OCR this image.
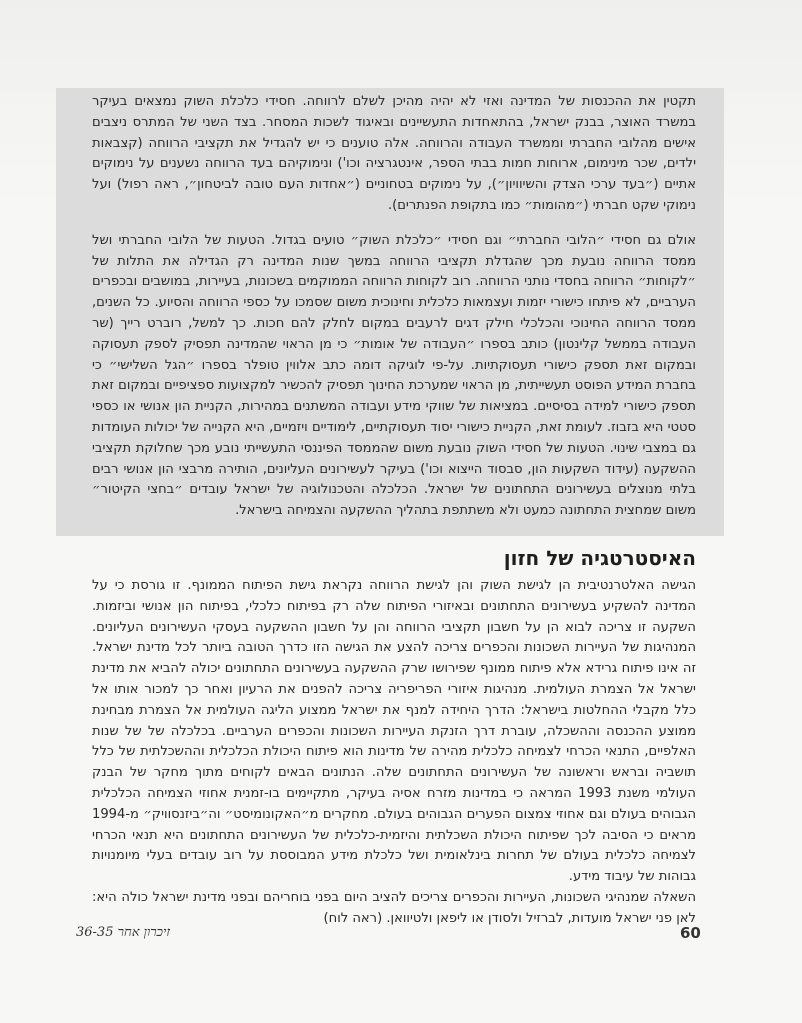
תקטין את ההכנסות של המדינה ואזי לא יהיה מהיכן לשלם לרווחה. חסידי כלכלת השוק נמצאים בעיקר במשרד האוצר, בבנק ישראל, בהתאחדות התעשיינים ובאיגוד לשכות המסחר. בצד השני של המתרס ניצבים אישים מהלובי החברתי וממשרד העבודה והרווחה. אלה טוענים כי יש להגדיל את תקציבי הרווחה (קצבאות ילדים, שכר מינימום, ארוחות חמות בבתי הספר, אינטגרציה וכו') ונימוקיהם בעד הרווחה נשענים על נימוקים אתיים (״בעד ערכי הצדק והשיוויון״), על נימוקים בטחוניים (״אחדות העם טובה לביטחון״, ראה רפול) ועל נימוקי שקט חברתי (״מהומות״ כמו בתקופת הפנתרים).

אולם גם חסידי ״הלובי החברתי״ וגם חסידי ״כלכלת השוק״ טועים בגדול. הטעות של הלובי החברתי ושל ממסד הרווחה נובעת מכך שהגדלת תקציבי הרווחה במשך שנות המדינה רק הגדילה את התלות של ״לקוחות״ הרווחה בחסדי נותני הרווחה. רוב לקוחות הרווחה הממוקמים בשכונות, בעיירות, במושבים ובכפרים הערביים, לא פיתחו כישורי יזמות ועצמאות כלכלית וחינוכית משום שסמכו על כספי הרווחה והסיוע. כל השנים, ממסד הרווחה החינוכי והכלכלי חילק דגים לרעבים במקום לחלק להם חכות. כך למשל, רוברט רייך (שר העבודה בממשל קלינטון) כותב בספרו ״העבודה של אומות״ כי מן הראוי שהמדינה תפסיק לספק תעסוקה ובמקום זאת תספק כישורי תעסוקתיות. על-פי לוגיקה דומה כתב אלווין טופלר בספרו ״הגל השלישי״ כי בחברת המידע הפוסט תעשייתית, מן הראוי שמערכת החינוך תפסיק להכשיר למקצועות ספציפיים ובמקום זאת תספק כישורי למידה בסיסיים. במציאות של שווקי מידע ועבודה המשתנים במהירות, הקניית הון אנושי או כספי סטטי היא בזבוז. לעומת זאת, הקניית כישורי יסוד תעסוקתיים, לימודיים ויזמיים, היא הקנייה של יכולות העומדות גם במצבי שינוי. הטעות של חסידי השוק נובעת משום שהממסד הפיננסי התעשייתי נובע מכך שחלוקת תקציבי ההשקעה (עידוד השקעות הון, סבסוד הייצוא וכו') בעיקר לעשירונים העליונים, הותירה מרבצי הון אנושי רבים בלתי מנוצלים בעשירונים התחתונים של ישראל. הכלכלה והטכנולוגיה של ישראל עובדים ״בחצי הקיטור״ משום שמחצית התחתונה כמעט ולא משתתפת בתהליך ההשקעה והצמיחה בישראל.

האיסטרטגיה של חזון

הגישה האלטרנטיבית הן לגישת השוק והן לגישת הרווחה נקראת גישת הפיתוח הממונף. זו גורסת כי על המדינה להשקיע בעשירונים התחתונים ובאיזורי הפיתוח שלה רק בפיתוח כלכלי, בפיתוח הון אנושי וביזמות. השקעה זו צריכה לבוא הן על חשבון תקציבי הרווחה והן על חשבון ההשקעה בעסקי העשירונים העליונים. המנהיגות של העיירות השכונות והכפרים צריכה להצע את הגישה הזו כדרך הטובה ביותר לכל מדינת ישראל. זה אינו פיתוח גרידא אלא פיתוח ממונף שפירושו שרק ההשקעה בעשירונים התחתונים יכולה להביא את מדינת ישראל אל הצמרת העולמית. מנהיגות איזורי הפריפריה צריכה להפנים את הרעיון ואחר כך למכור אותו אל כלל מקבלי ההחלטות בישראל: הדרך היחידה למנף את ישראל ממצוע הליגה העולמית אל הצמרת מבחינת ממוצע ההכנסה וההשכלה, עוברת דרך הזנקת העיירות השכונות והכפרים הערביים. בכלכלה של של שנות האלפיים, התנאי הכרחי לצמיחה כלכלית מהירה של מדינות הוא פיתוח היכולת הכלכלית וההשכלתית של כלל תושביה ובראש וראשונה של העשירונים התחתונים שלה. הנתונים הבאים לקוחים מתוך מחקר של הבנק העולמי משנת 1993 המראה כי במדינות מזרח אסיה בעיקר, מתקיימים בו-זמנית אחוזי הצמיחה הכלכלית הגבוהים בעולם וגם אחוזי צמצום הפערים הגבוהים בעולם. מחקרים מ״האקונומיסט״ וה״ביזנסוויק״ מ-1994 מראים כי הסיבה לכך שפיתוח היכולת השכלתית והיזמית-כלכלית של העשירונים התחתונים היא תנאי הכרחי לצמיחה כלכלית בעולם של תחרות בינלאומית ושל כלכלת מידע המבוססת על רוב עובדים בעלי מיומנויות גבוהות של עיבוד מידע.

השאלה שמנהיגי השכונות, העיירות והכפרים צריכים להציב היום בפני בוחריהם ובפני מדינת ישראל כולה היא: לאן פני ישראל מועדות, לברזיל ולסודן או ליפאן ולטיוואן. (ראה לוח)

60
זיכרון אחר 36-35
